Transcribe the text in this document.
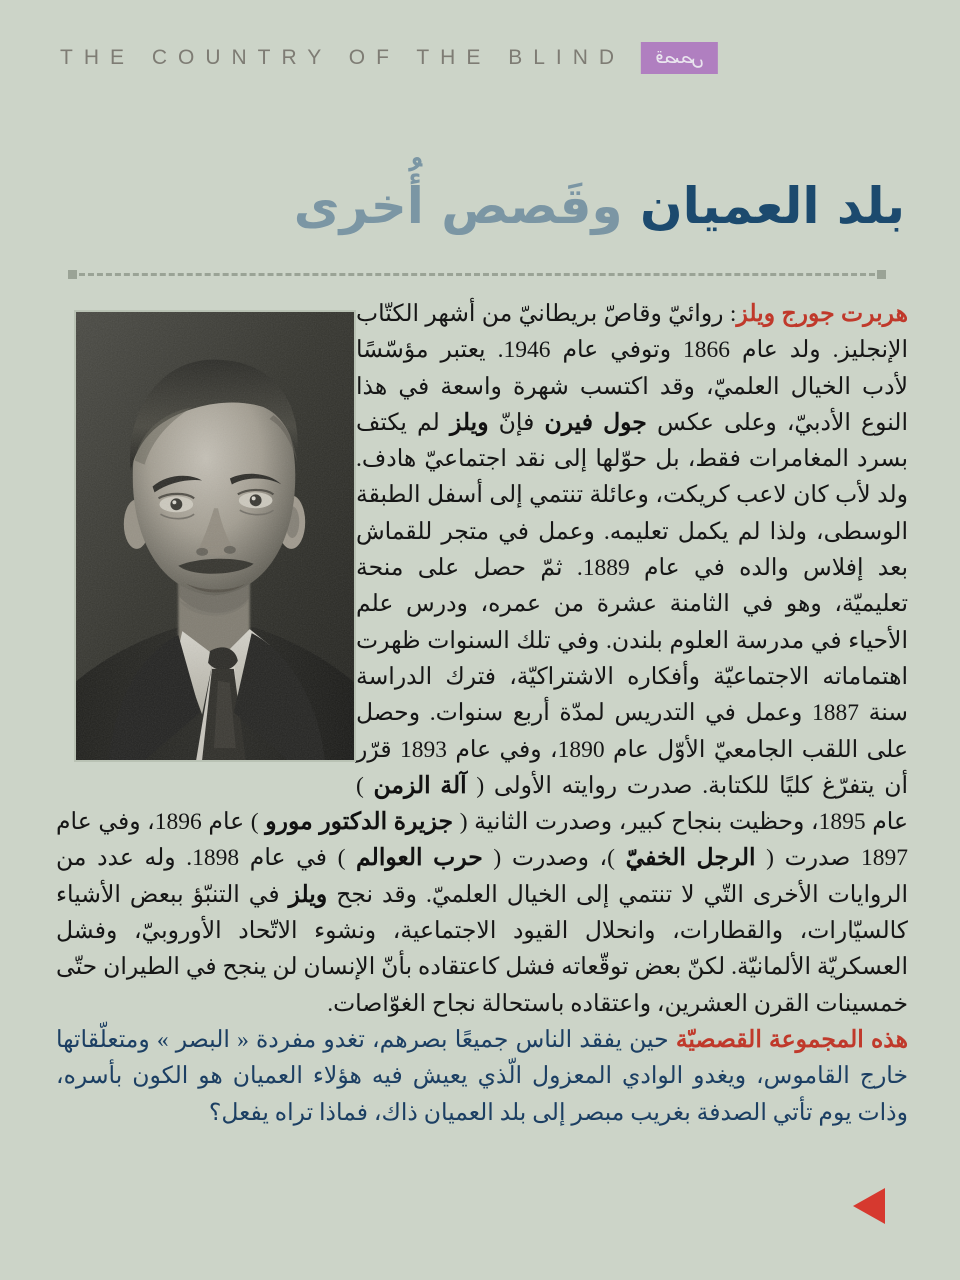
THE COUNTRY OF THE BLIND	قصص
بلد العميان وقَصص أُخرى

هربرت جورج ويلز: روائيّ وقاصّ بريطانيّ من أشهر الكتّاب الإنجليز. ولد عام 1866 وتوفي عام 1946. يعتبر مؤسّسًا لأدب الخيال العلميّ، وقد اكتسب شهرة واسعة في هذا النوع الأدبيّ، وعلى عكس جول فيرن فإنّ ويلز لم يكتف بسرد المغامرات فقط، بل حوّلها إلى نقد اجتماعيّ هادف. ولد لأب كان لاعب كريكت، وعائلة تنتمي إلى أسفل الطبقة الوسطى، ولذا لم يكمل تعليمه. وعمل في متجر للقماش بعد إفلاس والده في عام 1889. ثمّ حصل على منحة تعليميّة، وهو في الثامنة عشرة من عمره، ودرس علم الأحياء في مدرسة العلوم بلندن. وفي تلك السنوات ظهرت اهتماماته الاجتماعيّة وأفكاره الاشتراكيّة، فترك الدراسة سنة 1887 وعمل في التدريس لمدّة أربع سنوات. وحصل على اللقب الجامعيّ الأوّل عام 1890، وفي عام 1893 قرّر أن يتفرّغ كليًا للكتابة. صدرت روايته الأولى ( آلة الزمن ) عام 1895، وحظيت بنجاح كبير، وصدرت الثانية ( جزيرة الدكتور مورو ) عام 1896، وفي عام 1897 صدرت ( الرجل الخفيّ )، وصدرت ( حرب العوالم ) في عام 1898. وله عدد من الروايات الأخرى التّي لا تنتمي إلى الخيال العلميّ. وقد نجح ويلز في التنبّؤ ببعض الأشياء كالسيّارات، والقطارات، وانحلال القيود الاجتماعية، ونشوء الاتّحاد الأوروبيّ، وفشل العسكريّة الألمانيّة. لكنّ بعض توقّعاته فشل كاعتقاده بأنّ الإنسان لن ينجح في الطيران حتّى خمسينات القرن العشرين، واعتقاده باستحالة نجاح الغوّاصات.

هذه المجموعة القصصيّة حين يفقد الناس جميعًا بصرهم، تغدو مفردة « البصر » ومتعلّقاتها خارج القاموس، ويغدو الوادي المعزول الّذي يعيش فيه هؤلاء العميان هو الكون بأسره، وذات يوم تأتي الصدفة بغريب مبصر إلى بلد العميان ذاك، فماذا تراه يفعل؟
